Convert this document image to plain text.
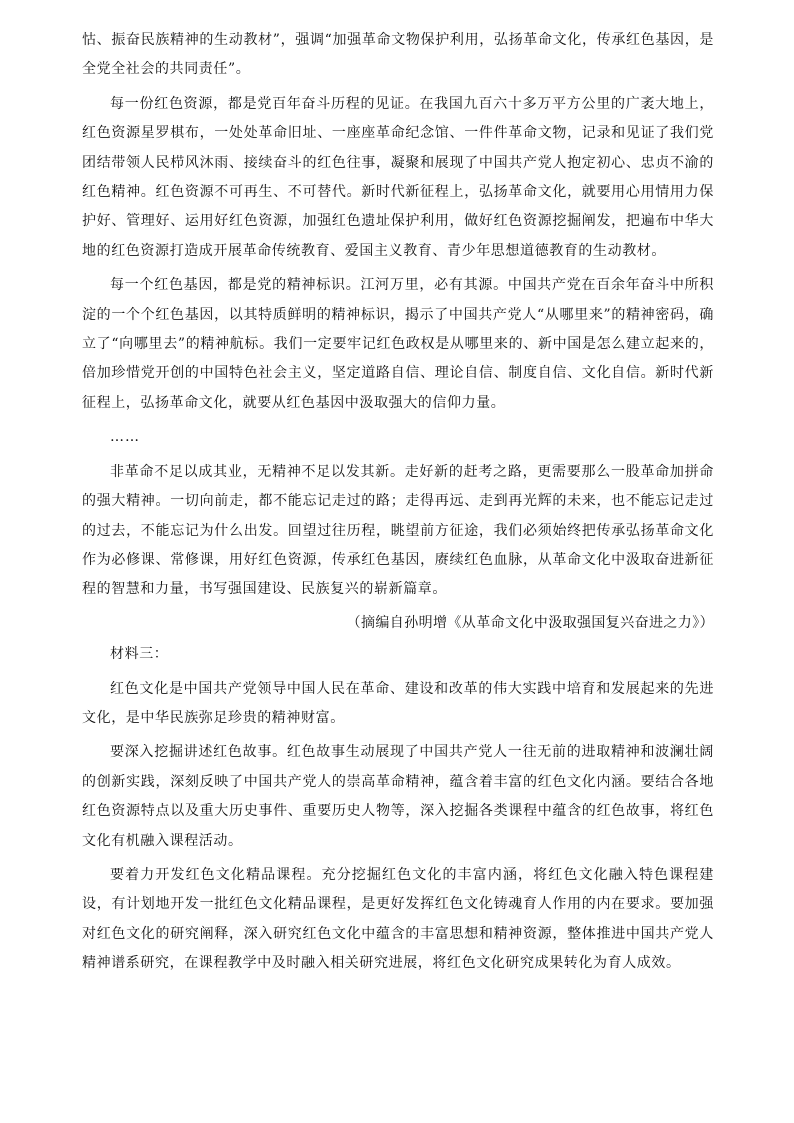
怙、振奋民族精神的生动教材”，强调“加强革命文物保护利用，弘扬革命文化，传承红色基因，是全党全社会的共同责任”。

每一份红色资源，都是党百年奋斗历程的见证。在我国九百六十多万平方公里的广袤大地上，红色资源星罗棋布，一处处革命旧址、一座座革命纪念馆、一件件革命文物，记录和见证了我们党团结带领人民栉风沐雨、接续奋斗的红色往事，凝聚和展现了中国共产党人抱定初心、忠贞不渝的红色精神。红色资源不可再生、不可替代。新时代新征程上，弘扬革命文化，就要用心用情用力保护好、管理好、运用好红色资源，加强红色遗址保护利用，做好红色资源挖掘阐发，把遍布中华大地的红色资源打造成开展革命传统教育、爱国主义教育、青少年思想道德教育的生动教材。

每一个红色基因，都是党的精神标识。江河万里，必有其源。中国共产党在百余年奋斗中所积淀的一个个红色基因，以其特质鲜明的精神标识，揭示了中国共产党人“从哪里来”的精神密码，确立了“向哪里去”的精神航标。我们一定要牢记红色政权是从哪里来的、新中国是怎么建立起来的，倍加珍惜党开创的中国特色社会主义，坚定道路自信、理论自信、制度自信、文化自信。新时代新征程上，弘扬革命文化，就要从红色基因中汲取强大的信仰力量。

……

非革命不足以成其业，无精神不足以发其新。走好新的赶考之路，更需要那么一股革命加拼命的强大精神。一切向前走，都不能忘记走过的路；走得再远、走到再光辉的未来，也不能忘记走过的过去，不能忘记为什么出发。回望过往历程，眺望前方征途，我们必须始终把传承弘扬革命文化作为必修课、常修课，用好红色资源，传承红色基因，赓续红色血脉，从革命文化中汲取奋进新征程的智慧和力量，书写强国建设、民族复兴的崭新篇章。

（摘编自孙明增《从革命文化中汲取强国复兴奋进之力》）

材料三：

红色文化是中国共产党领导中国人民在革命、建设和改革的伟大实践中培育和发展起来的先进文化，是中华民族弥足珍贵的精神财富。

要深入挖掘讲述红色故事。红色故事生动展现了中国共产党人一往无前的进取精神和波澜壮阔的创新实践，深刻反映了中国共产党人的崇高革命精神，蕴含着丰富的红色文化内涵。要结合各地红色资源特点以及重大历史事件、重要历史人物等，深入挖掘各类课程中蕴含的红色故事，将红色文化有机融入课程活动。

要着力开发红色文化精品课程。充分挖掘红色文化的丰富内涵，将红色文化融入特色课程建设，有计划地开发一批红色文化精品课程，是更好发挥红色文化铸魂育人作用的内在要求。要加强对红色文化的研究阐释，深入研究红色文化中蕴含的丰富思想和精神资源，整体推进中国共产党人精神谱系研究，在课程教学中及时融入相关研究进展，将红色文化研究成果转化为育人成效。
